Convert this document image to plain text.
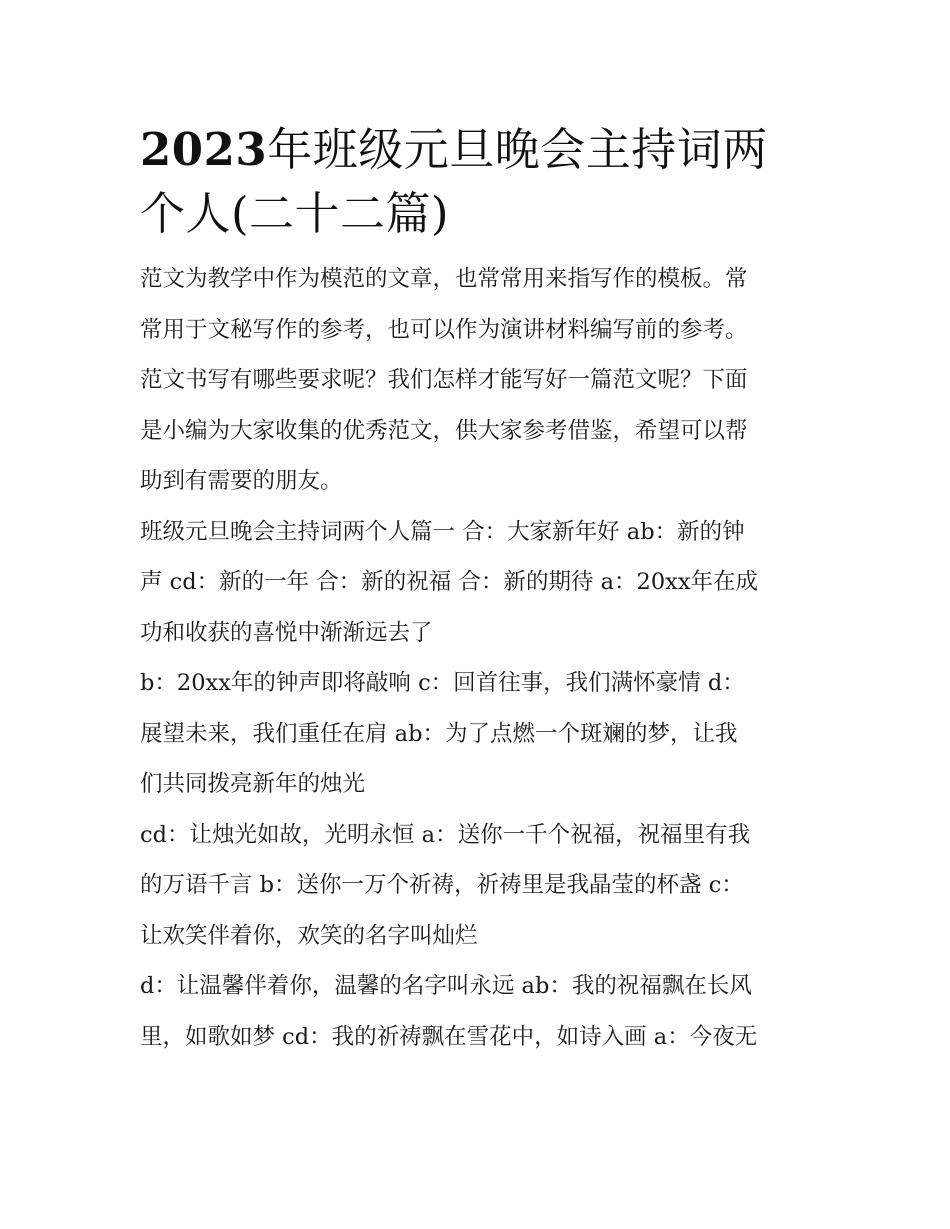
2023年班级元旦晚会主持词两
个人(二十二篇)

范文为教学中作为模范的文章，也常常用来指写作的模板。常
常用于文秘写作的参考，也可以作为演讲材料编写前的参考。
范文书写有哪些要求呢？我们怎样才能写好一篇范文呢？下面
是小编为大家收集的优秀范文，供大家参考借鉴，希望可以帮
助到有需要的朋友。

班级元旦晚会主持词两个人篇一 合：大家新年好 ab：新的钟
声 cd：新的一年 合：新的祝福 合：新的期待 a：20xx年在成
功和收获的喜悦中渐渐远去了

b：20xx年的钟声即将敲响 c：回首往事，我们满怀豪情 d：
展望未来，我们重任在肩 ab：为了点燃一个斑斓的梦，让我
们共同拨亮新年的烛光

cd：让烛光如故，光明永恒 a：送你一千个祝福，祝福里有我
的万语千言 b：送你一万个祈祷，祈祷里是我晶莹的杯盏 c：
让欢笑伴着你，欢笑的名字叫灿烂

d：让温馨伴着你，温馨的名字叫永远 ab：我的祝福飘在长风
里，如歌如梦 cd：我的祈祷飘在雪花中，如诗入画 a：今夜无
